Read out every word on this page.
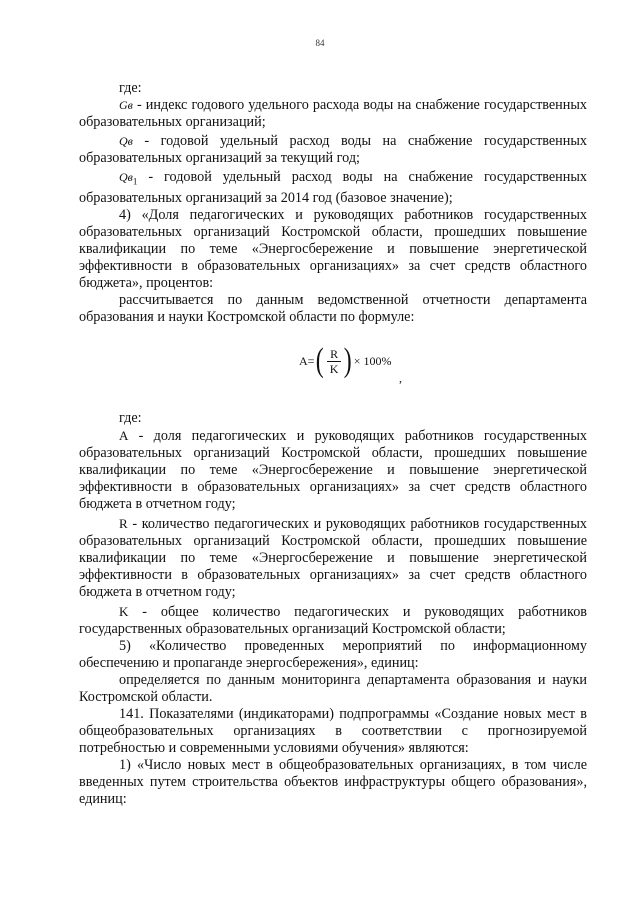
84

где:

Gв - индекс годового удельного расхода воды на снабжение государственных образовательных организаций;

Qв - годовой удельный расход воды на снабжение государственных образовательных организаций за текущий год;

$Qв_1$ - годовой удельный расход воды на снабжение государственных образовательных организаций за 2014 год (базовое значение);

4) «Доля педагогических и руководящих работников государственных образовательных организаций Костромской области, прошедших повышение квалификации по теме «Энергосбережение и повышение энергетической эффективности в образовательных организациях» за счет средств областного бюджета», процентов:

рассчитывается по данным ведомственной отчетности департамента образования и науки Костромской области по формуле:

A= ( $\frac{R}{K}$ ) × 100%
,

где:

A - доля педагогических и руководящих работников государственных образовательных организаций Костромской области, прошедших повышение квалификации по теме «Энергосбережение и повышение энергетической эффективности в образовательных организациях» за счет средств областного бюджета в отчетном году;

R - количество педагогических и руководящих работников государственных образовательных организаций Костромской области, прошедших повышение квалификации по теме «Энергосбережение и повышение энергетической эффективности в образовательных организациях» за счет средств областного бюджета в отчетном году;

K - общее количество педагогических и руководящих работников государственных образовательных организаций Костромской области;

5) «Количество проведенных мероприятий по информационному обеспечению и пропаганде энергосбережения», единиц:

определяется по данным мониторинга департамента образования и науки Костромской области.

141. Показателями (индикаторами) подпрограммы «Создание новых мест в общеобразовательных организациях в соответствии с прогнозируемой потребностью и современными условиями обучения» являются:

1) «Число новых мест в общеобразовательных организациях, в том числе введенных путем строительства объектов инфраструктуры общего образования», единиц:
